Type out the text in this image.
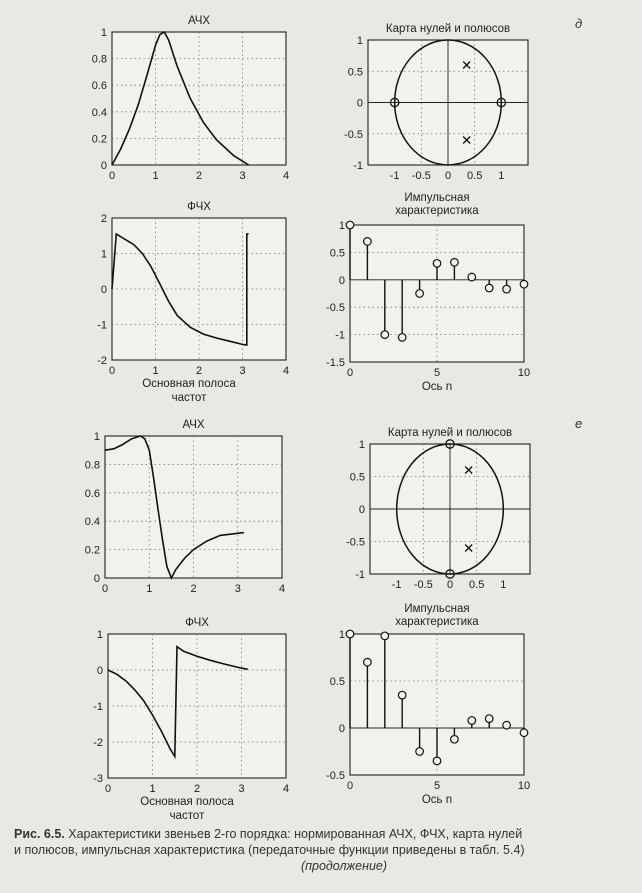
д
е
0	1	2	3	4
0
0.2
0.4
0.6
0.8
1
АЧХ
-1 -0.5 0 0.5 1
-1
-0.5
0
0.5
1
Карта нулей и полюсов
0	1	2	3	4
-2
-1
0
1
2
ФЧХ
Основная полоса
частот
0	5	10
-1.5
-1
-0.5
0
0.5
1
Импульсная
характеристика
Ось n
0	1	2	3	4
0
0.2
0.4
0.6
0.8
1
АЧХ
-1 -0.5 0 0.5 1
-1
-0.5
0
0.5
1
Карта нулей и полюсов
0	1	2	3	4
-3
-2
-1
0
1
ФЧХ
Основная полоса
частот
0	5	10
-0.5
0
0.5
1
Импульсная
характеристика
Ось n
Рис. 6.5. Характеристики звеньев 2-го порядка: нормированная АЧХ, ФЧХ, карта нулей
и полюсов, импульсная характеристика (передаточные функции приведены в табл. 5.4)
(продолжение)
